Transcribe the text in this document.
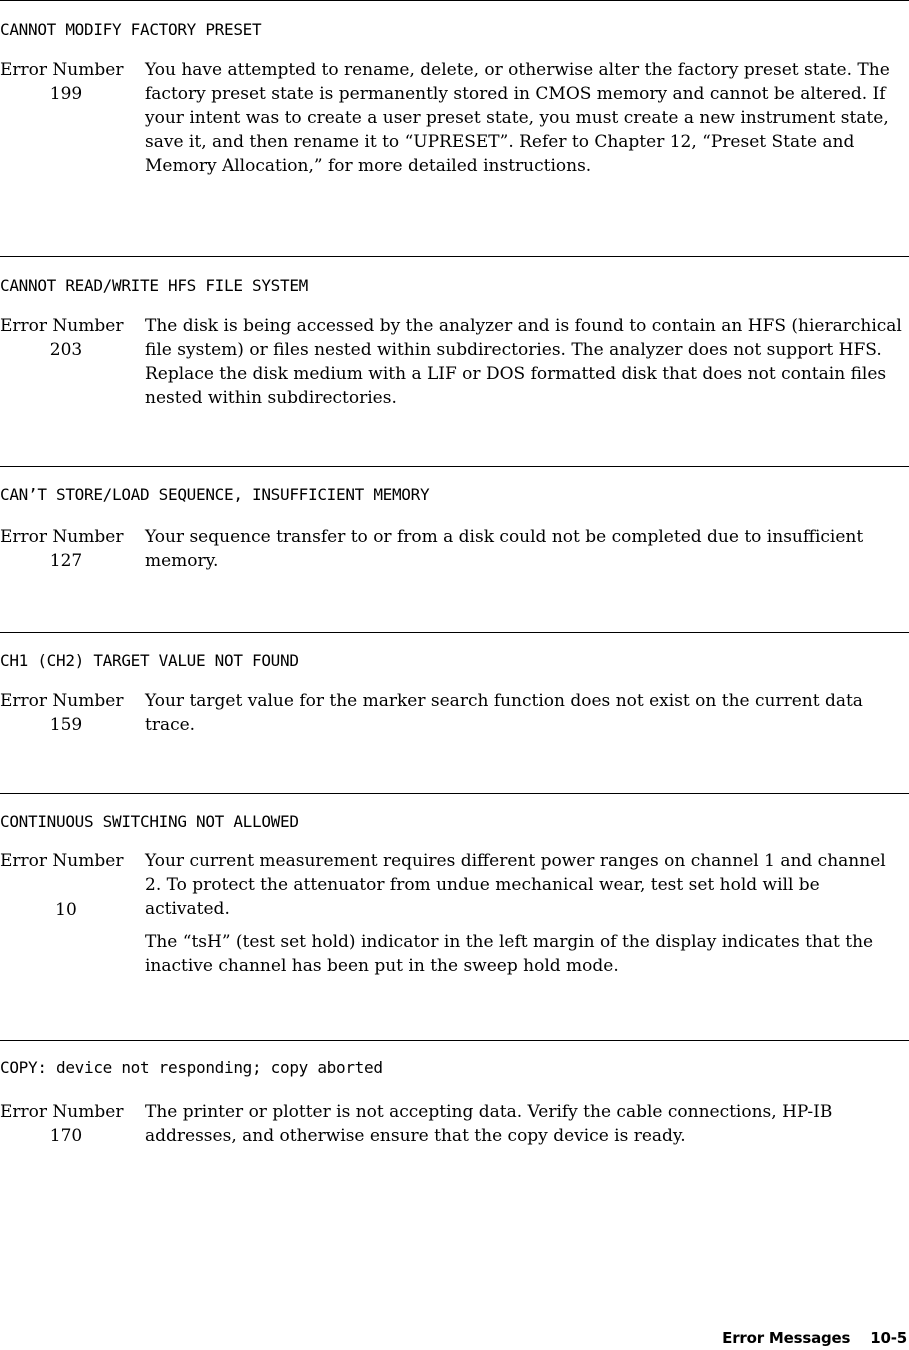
CANNOT MODIFY FACTORY PRESET
Error Number
199

You have attempted to rename, delete, or otherwise alter the factory preset state. The factory preset state is permanently stored in CMOS memory and cannot be altered. If your intent was to create a user preset state, you must create a new instrument state, save it, and then rename it to “UPRESET”. Refer to Chapter 12, “Preset State and Memory Allocation,” for more detailed instructions.

CANNOT READ/WRITE HFS FILE SYSTEM
Error Number
203

The disk is being accessed by the analyzer and is found to contain an HFS (hierarchical file system) or files nested within subdirectories. The analyzer does not support HFS. Replace the disk medium with a LIF or DOS formatted disk that does not contain files nested within subdirectories.

CAN’T STORE/LOAD SEQUENCE, INSUFFICIENT MEMORY
Error Number
127

Your sequence transfer to or from a disk could not be completed due to insufficient memory.

CH1 (CH2) TARGET VALUE NOT FOUND
Error Number
159

Your target value for the marker search function does not exist on the current data trace.

CONTINUOUS SWITCHING NOT ALLOWED
Error Number
10

Your current measurement requires different power ranges on channel 1 and channel 2. To protect the attenuator from undue mechanical wear, test set hold will be activated.

The “tsH” (test set hold) indicator in the left margin of the display indicates that the inactive channel has been put in the sweep hold mode.

COPY: device not responding; copy aborted
Error Number
170

The printer or plotter is not accepting data. Verify the cable connections, HP-IB addresses, and otherwise ensure that the copy device is ready.

Error Messages 10-5
